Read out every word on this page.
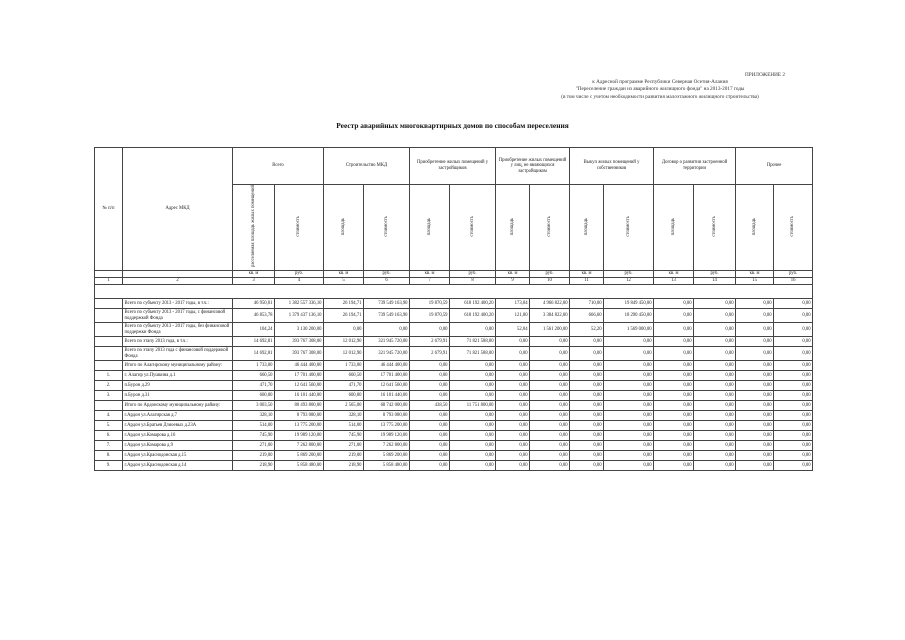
ПРИЛОЖЕНИЕ 2
к Адресной программе Республики Северная Осетия-Алания
"Переселение граждан из аварийного жилищного фонда" на 2013-2017 годы
(в том числе с учетом необходимости развития малоэтажного жилищного строительства)
Реестр аварийных многоквартирных домов по способам переселения
№ п/п	Адрес МКД	Всего		Строительство МКД		Приобретение жилых помещений у застройщиков		Приобретение жилых помещений у лиц, не являющихся застройщиком		Выкуп жилых помещений у собственников		Договор о развитии застроенной территории		Прочее	
		расселяемая площадь жилых помещений	стоимость	площадь	стоимость	площадь	стоимость	площадь	стоимость	площадь	стоимость	площадь	стоимость	площадь	стоимость
		кв. м	руб.	кв. м	руб.	кв. м	руб.	кв. м	руб.	кв. м	руб.	кв. м	руб.	кв. м	руб.
1	2	3	4	5	6	7	8	9	10	11	12	13	14	15	16

	Всего по субъекту 2013 - 2017 годы, в т.ч.:	46 950,01	1 382 557 336,10	26 194,71	739 549 163,90	19 870,59	618 192 400,20	173,04	4 966 822,00	710,00	19 849 450,00	0,00	0,00	0,00	0,00
	Всего по субъекту 2013 - 2017 годы, с финансовой поддержкой Фонда	46 853,78	1 379 437 136,10	26 194,71	739 549 163,90	19 870,59	618 192 400,20	121,00	3 384 822,00	666,60	18 290 450,00	0,00	0,00	0,00	0,00
	Всего по субъекту 2013 - 2017 годы, без финансовой поддержки Фонда	104,24	3 130 200,00	0,00	0,00	0,00	0,00	52,04	1 561 200,00	52,20	1 569 000,00	0,00	0,00	0,00	0,00
	Всего по этапу 2013 года, в т.ч.:	14 692,81	393 767 308,00	12 012,90	321 945 720,00	2 679,91	71 821 588,00	0,00	0,00	0,00	0,00	0,00	0,00	0,00	0,00
	Всего по этапу 2013 года с финансовой поддержкой Фонда	14 692,81	393 767 308,00	12 012,90	321 945 720,00	2 679,91	71 821 588,00	0,00	0,00	0,00	0,00	0,00	0,00	0,00	0,00
	Итого по Алагирскому муниципальному району:	1 733,00	46 444 400,00	1 733,00	46 444 400,00	0,00	0,00	0,00	0,00	0,00	0,00	0,00	0,00	0,00	0,00
1.	г. Алагир ул.Пушкина д.1	660,50	17 701 400,00	660,50	17 701 400,00	0,00	0,00	0,00	0,00	0,00	0,00	0,00	0,00	0,00	0,00
2.	п.Бурон д.29	471,70	12 641 560,00	471,70	12 641 560,00	0,00	0,00	0,00	0,00	0,00	0,00	0,00	0,00	0,00	0,00
3.	п.Бурон д.31	600,80	16 101 440,00	600,80	16 101 440,00	0,00	0,00	0,00	0,00	0,00	0,00	0,00	0,00	0,00	0,00
	Итого по Ардонскому муниципальному району:	3 003,50	80 493 800,00	2 565,00	68 742 000,00	438,50	11 751 800,00	0,00	0,00	0,00	0,00	0,00	0,00	0,00	0,00
4.	г.Ардон ул.Алагирская д.7	328,10	8 793 080,00	328,10	8 793 080,00	0,00	0,00	0,00	0,00	0,00	0,00	0,00	0,00	0,00	0,00
5.	г.Ардон ул.Братьев Дзиоевых д.23А	514,00	13 775 200,00	514,00	13 775 200,00	0,00	0,00	0,00	0,00	0,00	0,00	0,00	0,00	0,00	0,00
6.	г.Ардон ул.Комарова д.16	745,90	19 989 120,00	745,90	19 989 120,00	0,00	0,00	0,00	0,00	0,00	0,00	0,00	0,00	0,00	0,00
7.	г.Ардон ул.Комарова д.9	271,00	7 262 800,00	271,00	7 262 800,00	0,00	0,00	0,00	0,00	0,00	0,00	0,00	0,00	0,00	0,00
8.	г.Ардон ул.Краснодонская д.15	219,00	5 869 200,00	219,00	5 869 200,00	0,00	0,00	0,00	0,00	0,00	0,00	0,00	0,00	0,00	0,00
9.	г.Ардон ул.Краснодонская д.14	218,90	5 858 480,00	218,90	5 858 480,00	0,00	0,00	0,00	0,00	0,00	0,00	0,00	0,00	0,00	0,00
